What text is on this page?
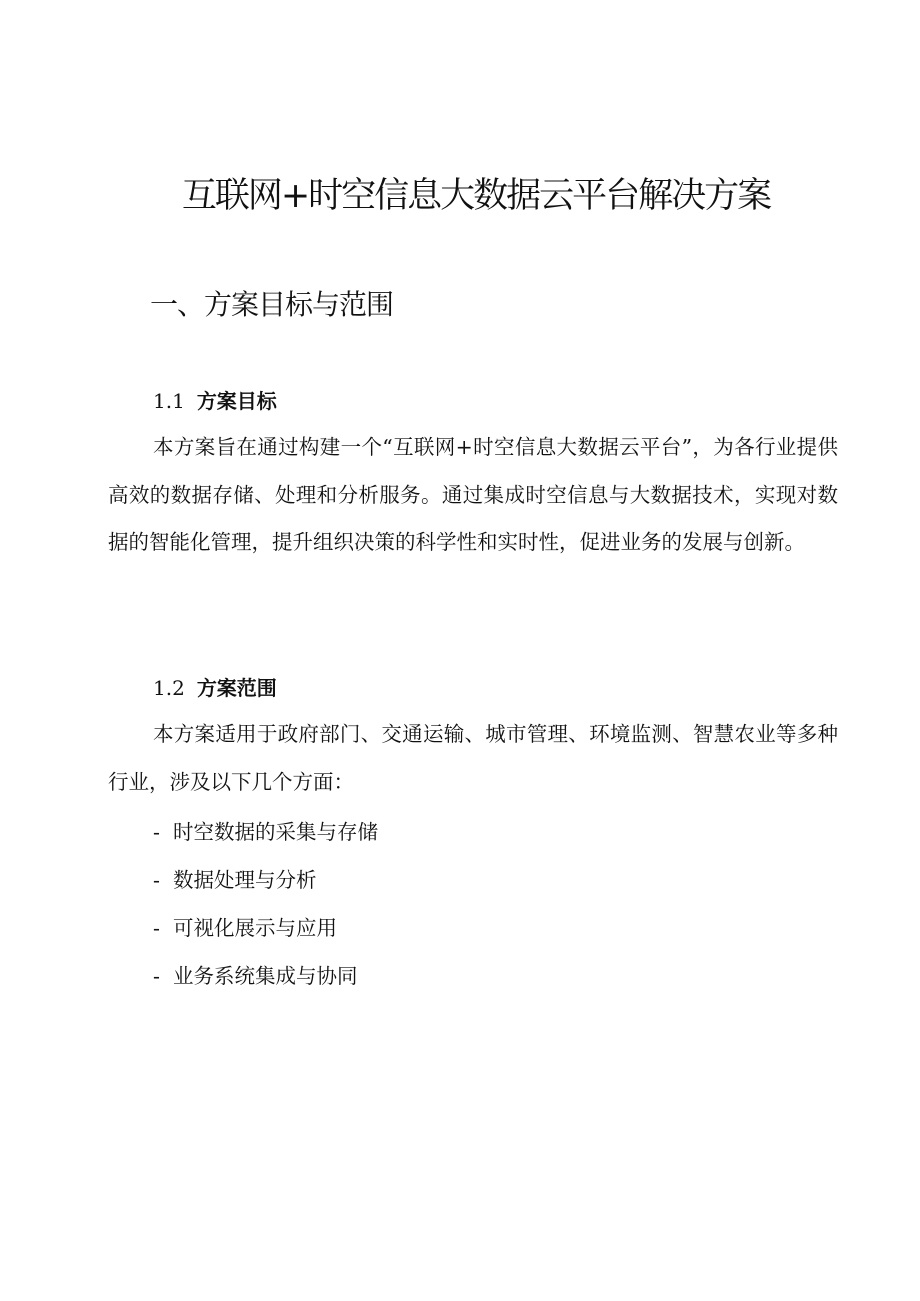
互联网+时空信息大数据云平台解决方案
一、方案目标与范围
1.1 方案目标

本方案旨在通过构建一个“互联网+时空信息大数据云平台”，为各行业提供高效的数据存储、处理和分析服务。通过集成时空信息与大数据技术，实现对数据的智能化管理，提升组织决策的科学性和实时性，促进业务的发展与创新。

1.2 方案范围

本方案适用于政府部门、交通运输、城市管理、环境监测、智慧农业等多种行业，涉及以下几个方面：

- 时空数据的采集与存储
- 数据处理与分析
- 可视化展示与应用
- 业务系统集成与协同
